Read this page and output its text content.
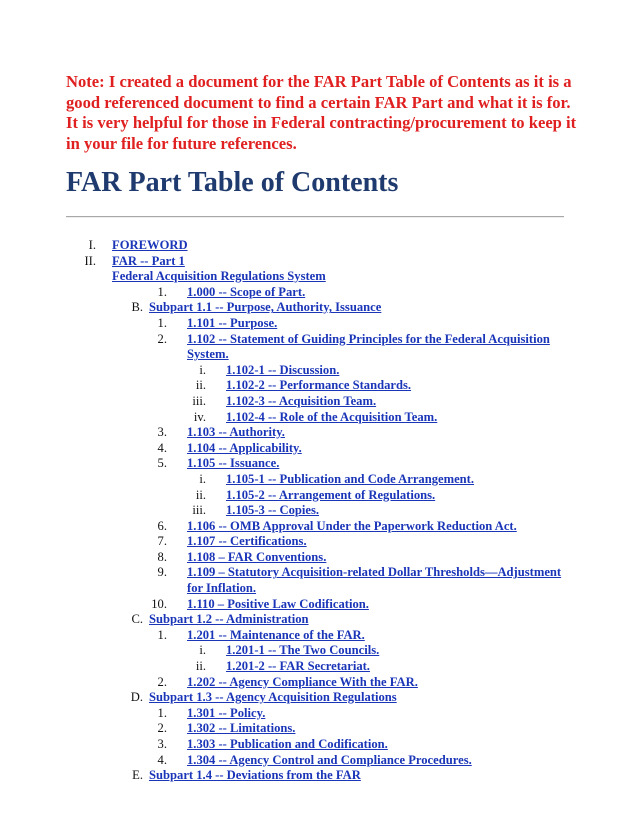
Note: I created a document for the FAR Part Table of Contents as it is a good referenced document to find a certain FAR Part and what it is for. It is very helpful for those in Federal contracting/procurement to keep it in your file for future references.
FAR Part Table of Contents
I. FOREWORD
II. FAR -- Part 1
Federal Acquisition Regulations System
1. 1.000 -- Scope of Part.
B. Subpart 1.1 -- Purpose, Authority, Issuance
1. 1.101 -- Purpose.
2. 1.102 -- Statement of Guiding Principles for the Federal Acquisition System.
i. 1.102-1 -- Discussion.
ii. 1.102-2 -- Performance Standards.
iii. 1.102-3 -- Acquisition Team.
iv. 1.102-4 -- Role of the Acquisition Team.
3. 1.103 -- Authority.
4. 1.104 -- Applicability.
5. 1.105 -- Issuance.
i. 1.105-1 -- Publication and Code Arrangement.
ii. 1.105-2 -- Arrangement of Regulations.
iii. 1.105-3 -- Copies.
6. 1.106 -- OMB Approval Under the Paperwork Reduction Act.
7. 1.107 -- Certifications.
8. 1.108 – FAR Conventions.
9. 1.109 – Statutory Acquisition-related Dollar Thresholds—Adjustment for Inflation.
10. 1.110 – Positive Law Codification.
C. Subpart 1.2 -- Administration
1. 1.201 -- Maintenance of the FAR.
i. 1.201-1 -- The Two Councils.
ii. 1.201-2 -- FAR Secretariat.
2. 1.202 -- Agency Compliance With the FAR.
D. Subpart 1.3 -- Agency Acquisition Regulations
1. 1.301 -- Policy.
2. 1.302 -- Limitations.
3. 1.303 -- Publication and Codification.
4. 1.304 -- Agency Control and Compliance Procedures.
E. Subpart 1.4 -- Deviations from the FAR
